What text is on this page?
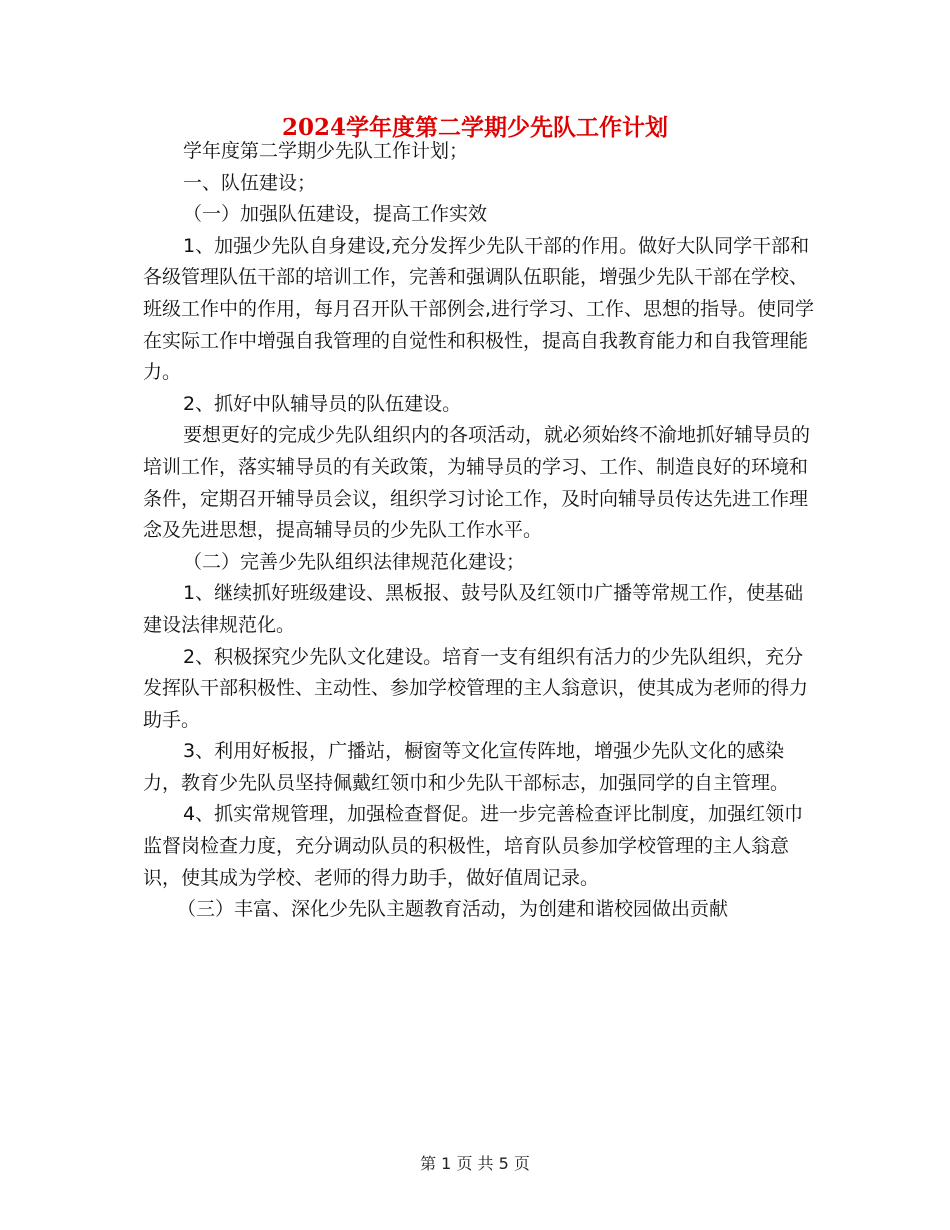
2024学年度第二学期少先队工作计划

学年度第二学期少先队工作计划；

一、队伍建设；

（一）加强队伍建设，提高工作实效

1、加强少先队自身建设,充分发挥少先队干部的作用。做好大队同学干部和各级管理队伍干部的培训工作，完善和强调队伍职能，增强少先队干部在学校、班级工作中的作用，每月召开队干部例会,进行学习、工作、思想的指导。使同学在实际工作中增强自我管理的自觉性和积极性，提高自我教育能力和自我管理能力。

2、抓好中队辅导员的队伍建设。

要想更好的完成少先队组织内的各项活动，就必须始终不渝地抓好辅导员的培训工作，落实辅导员的有关政策，为辅导员的学习、工作、制造良好的环境和条件，定期召开辅导员会议，组织学习讨论工作，及时向辅导员传达先进工作理念及先进思想，提高辅导员的少先队工作水平。

（二）完善少先队组织法律规范化建设；

1、继续抓好班级建设、黑板报、鼓号队及红领巾广播等常规工作，使基础建设法律规范化。

2、积极探究少先队文化建设。培育一支有组织有活力的少先队组织，充分发挥队干部积极性、主动性、参加学校管理的主人翁意识，使其成为老师的得力助手。

3、利用好板报，广播站，橱窗等文化宣传阵地，增强少先队文化的感染力，教育少先队员坚持佩戴红领巾和少先队干部标志，加强同学的自主管理。

4、抓实常规管理，加强检查督促。进一步完善检查评比制度，加强红领巾监督岗检查力度，充分调动队员的积极性，培育队员参加学校管理的主人翁意识，使其成为学校、老师的得力助手，做好值周记录。

（三）丰富、深化少先队主题教育活动，为创建和谐校园做出贡献

第 1 页 共 5 页
